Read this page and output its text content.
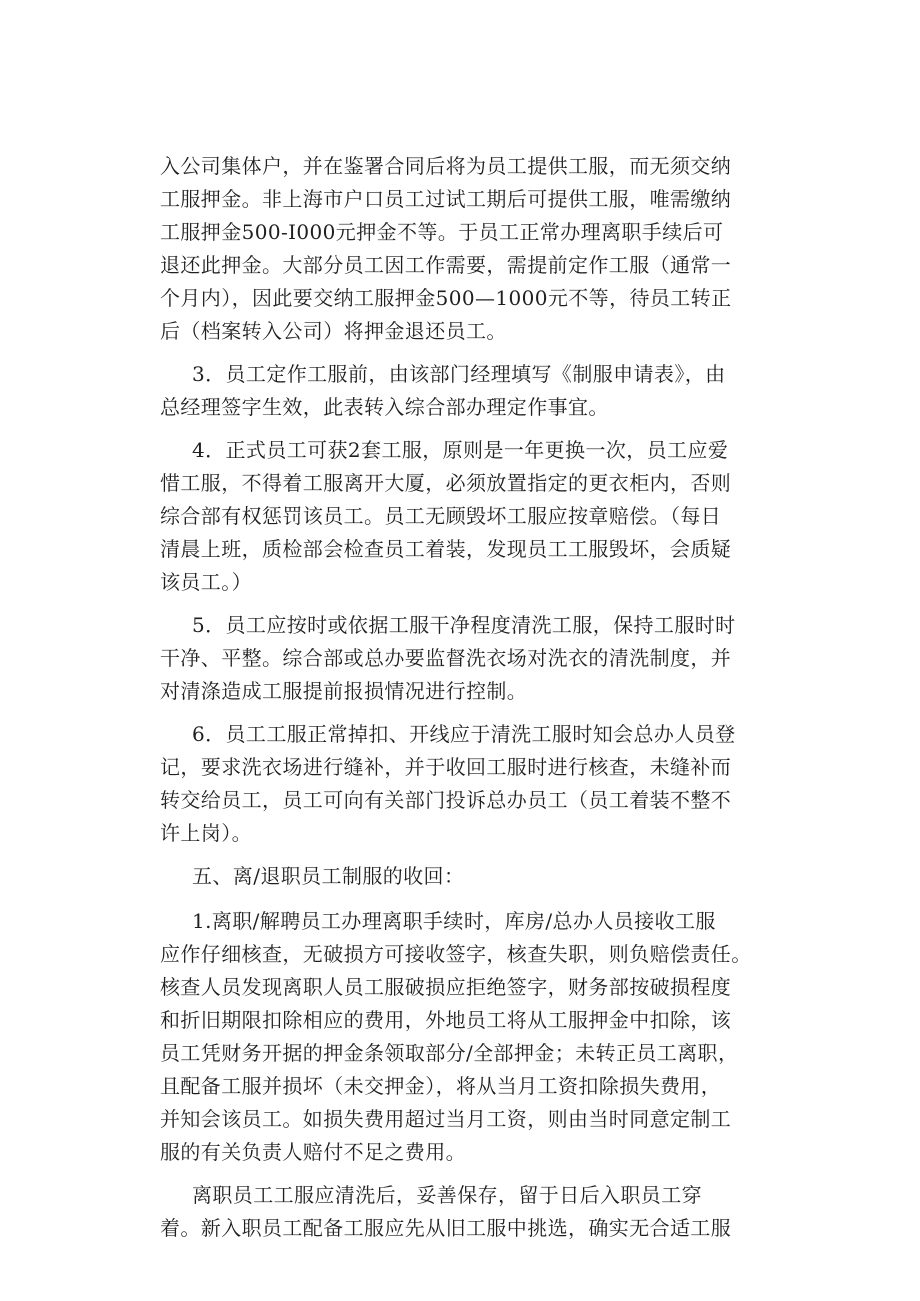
入公司集体户，并在鉴署合同后将为员工提供工服，而无须交纳
工服押金。非上海市户口员工过试工期后可提供工服，唯需缴纳
工服押金500-I000元押金不等。于员工正常办理离职手续后可
退还此押金。大部分员工因工作需要，需提前定作工服（通常一
个月内），因此要交纳工服押金500—1000元不等，待员工转正
后（档案转入公司）将押金退还员工。
3．员工定作工服前，由该部门经理填写《制服申请表》，由
总经理签字生效，此表转入综合部办理定作事宜。
4．正式员工可获2套工服，原则是一年更换一次，员工应爱
惜工服，不得着工服离开大厦，必须放置指定的更衣柜内，否则
综合部有权惩罚该员工。员工无顾毁坏工服应按章赔偿。（每日
清晨上班，质检部会检查员工着装，发现员工工服毁坏，会质疑
该员工。）
5．员工应按时或依据工服干净程度清洗工服，保持工服时时
干净、平整。综合部或总办要监督洗衣场对洗衣的清洗制度，并
对清涤造成工服提前报损情况进行控制。
6．员工工服正常掉扣、开线应于清洗工服时知会总办人员登
记，要求洗衣场进行缝补，并于收回工服时进行核查，未缝补而
转交给员工，员工可向有关部门投诉总办员工（员工着装不整不
许上岗）。
五、离/退职员工制服的收回：
1.离职/解聘员工办理离职手续时，库房/总办人员接收工服
应作仔细核查，无破损方可接收签字，核查失职，则负赔偿责任。
核查人员发现离职人员工服破损应拒绝签字，财务部按破损程度
和折旧期限扣除相应的费用，外地员工将从工服押金中扣除，该
员工凭财务开据的押金条领取部分/全部押金；未转正员工离职，
且配备工服并损坏（未交押金），将从当月工资扣除损失费用，
并知会该员工。如损失费用超过当月工资，则由当时同意定制工
服的有关负责人赔付不足之费用。
离职员工工服应清洗后，妥善保存，留于日后入职员工穿
着。新入职员工配备工服应先从旧工服中挑选，确实无合适工服
